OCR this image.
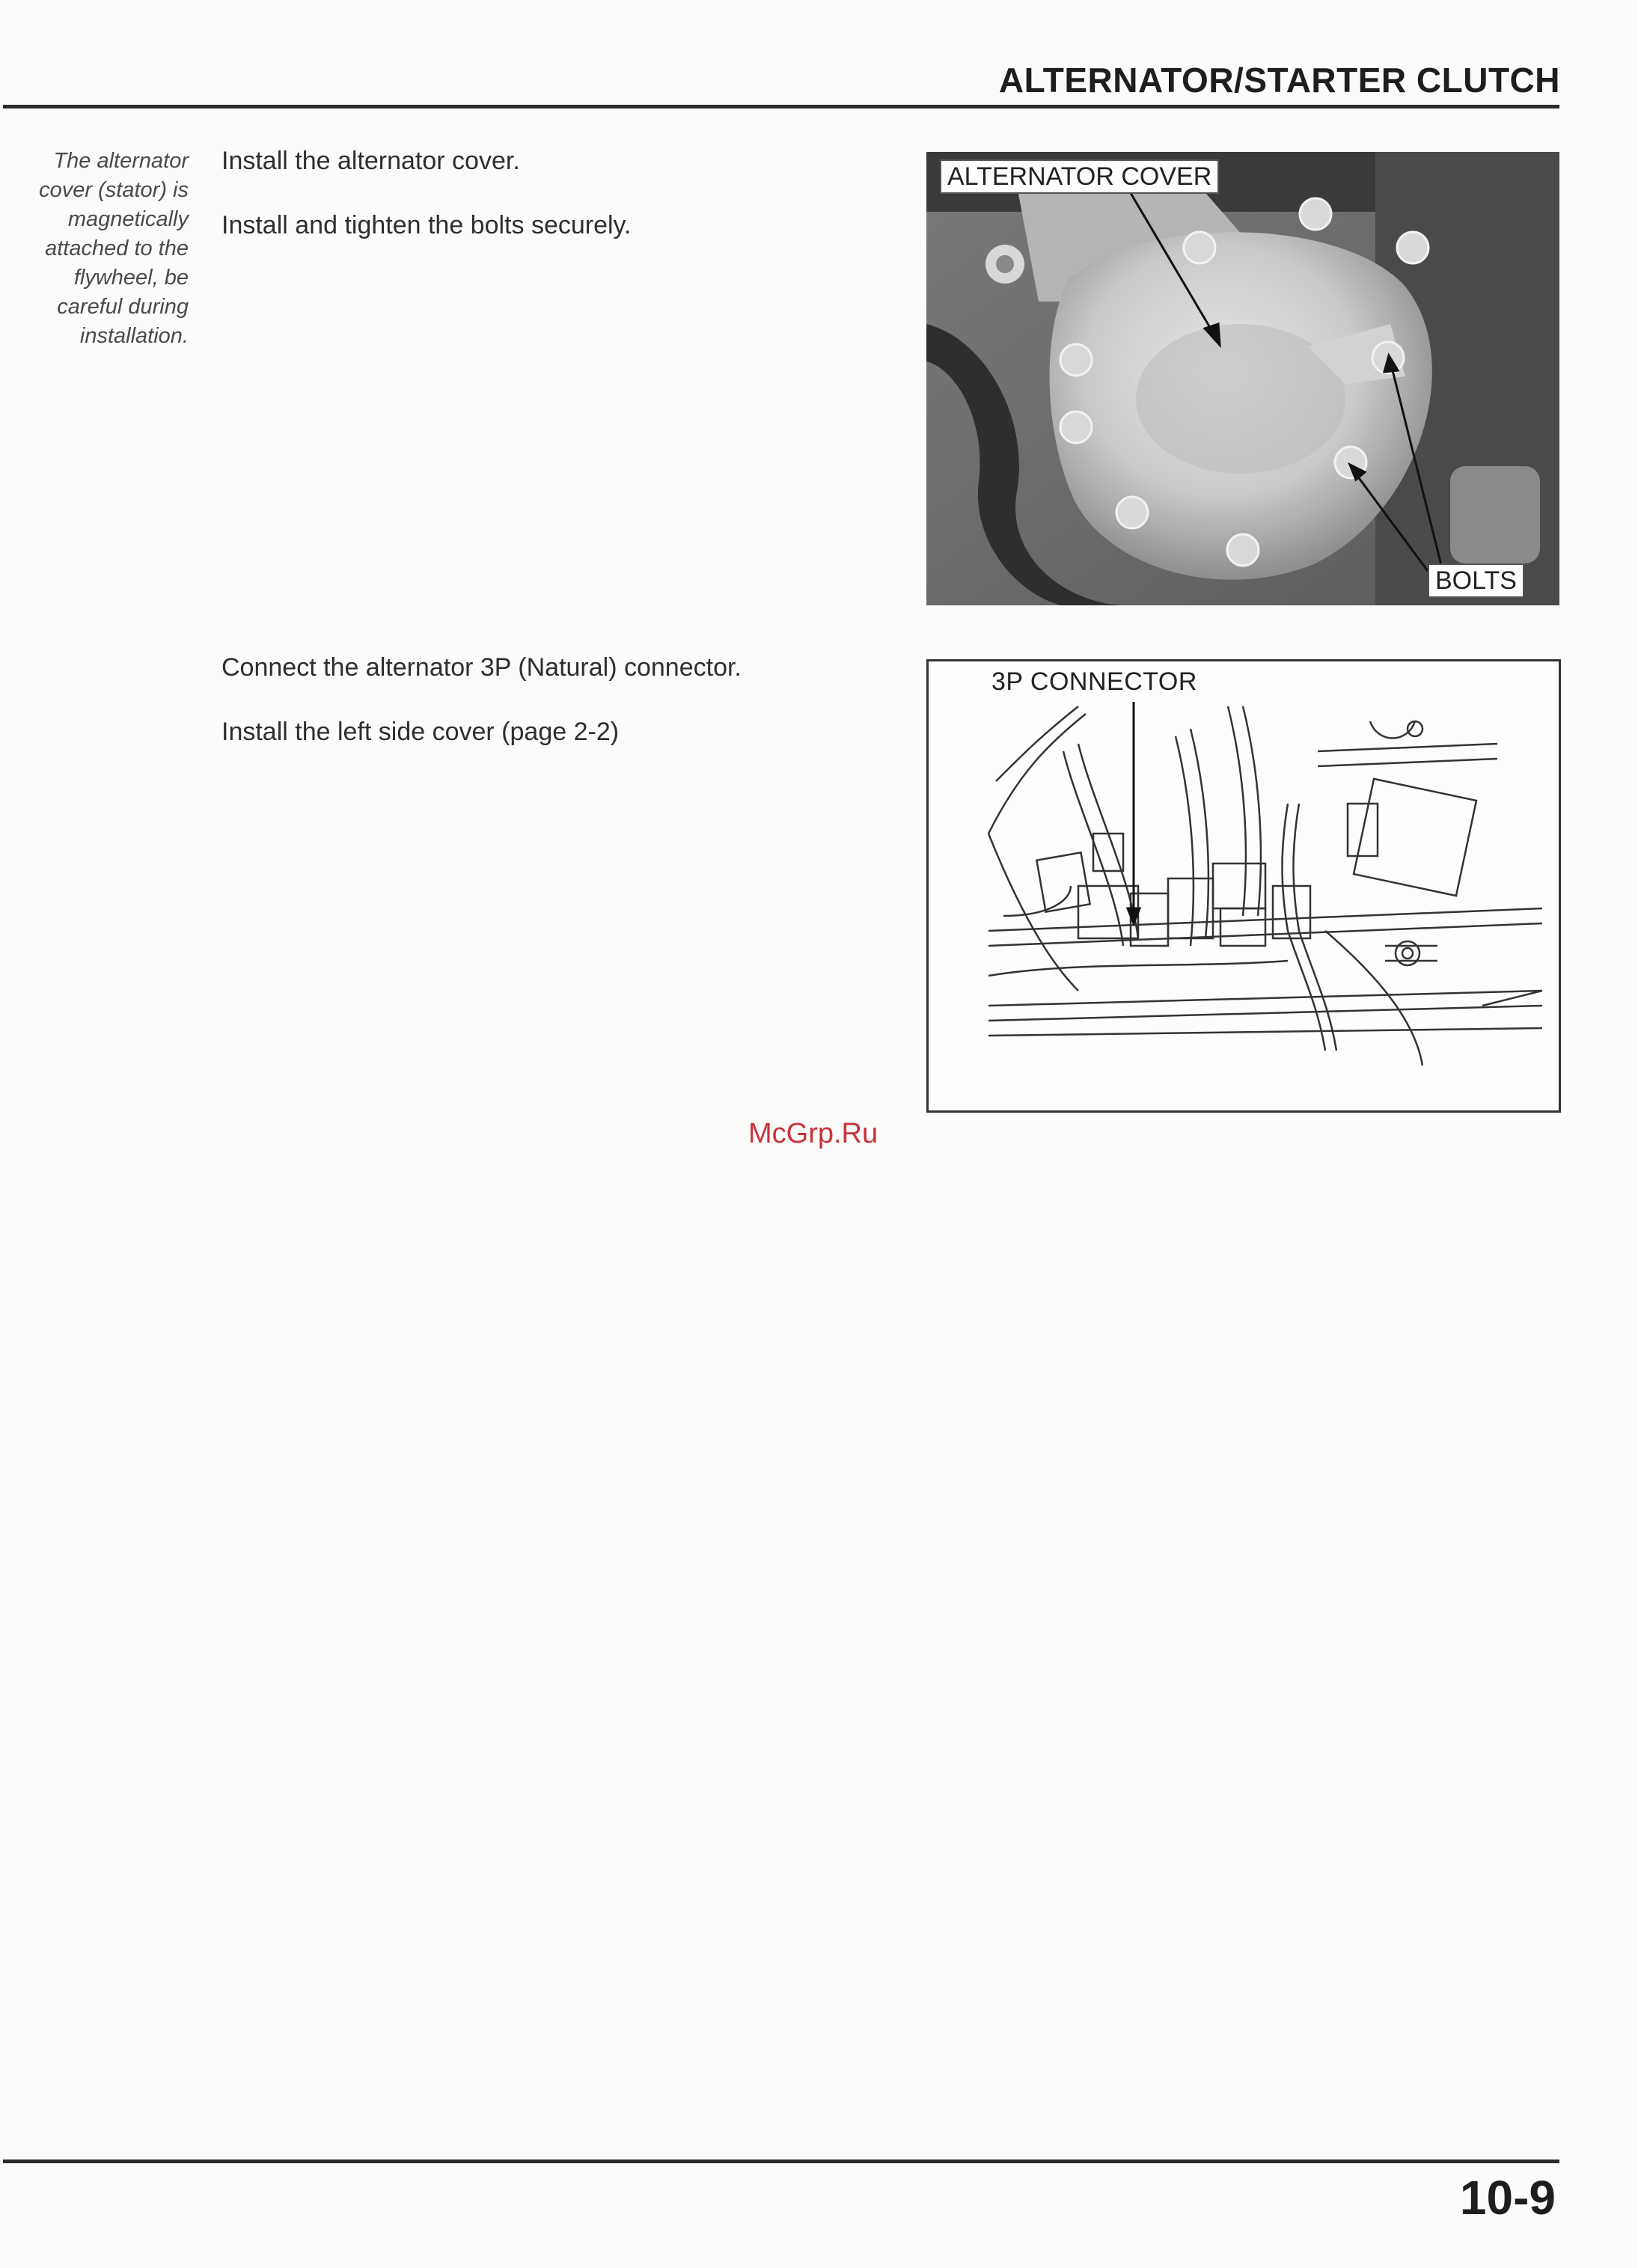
ALTERNATOR/STARTER CLUTCH
The alternator cover (stator) is magnetically attached to the flywheel, be careful during installation.
Install the alternator cover.
Install and tighten the bolts securely.
Connect the alternator 3P (Natural) connector.
Install the left side cover (page 2-2)
ALTERNATOR COVER
BOLTS
3P CONNECTOR
McGrp.Ru
10-9
